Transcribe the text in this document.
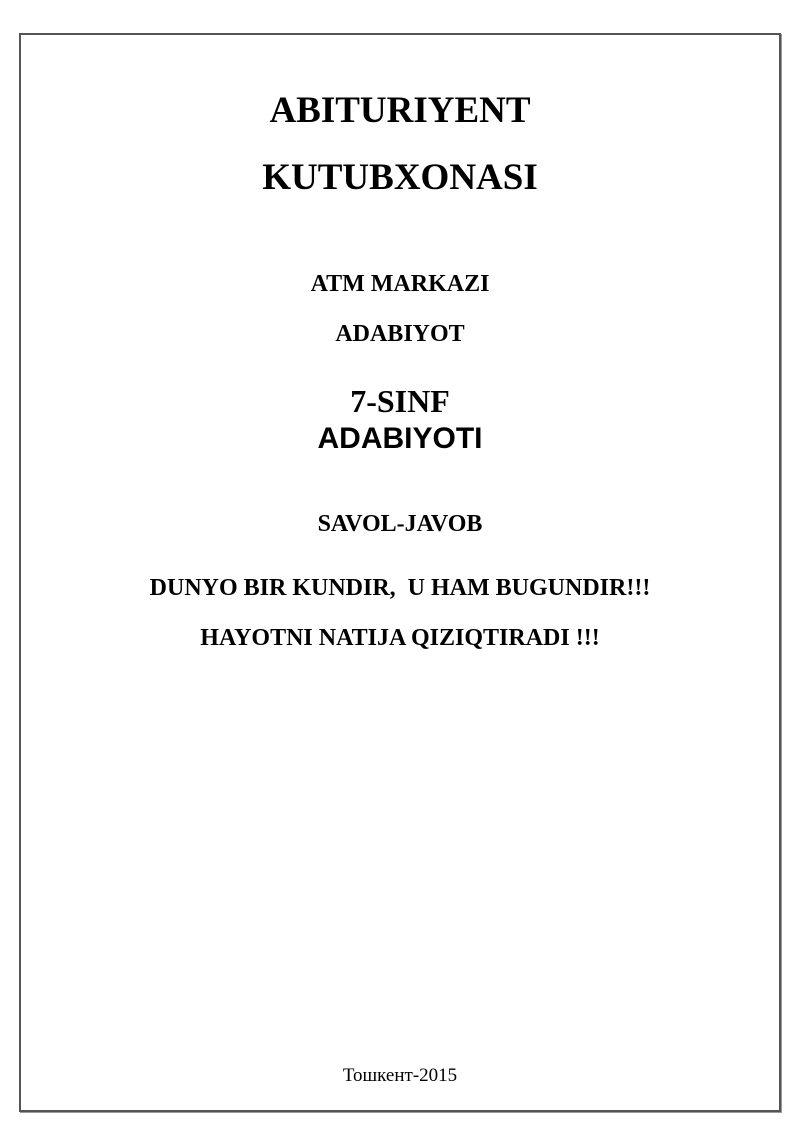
ABITURIYENT
KUTUBXONASI
ATM MARKAZI
ADABIYOT
7-SINF
ADABIYOTI
SAVOL-JAVOB
DUNYO BIR KUNDIR,  U HAM BUGUNDIR!!!
HAYOTNI NATIJA QIZIQTIRADI !!!
Тошкент-2015
